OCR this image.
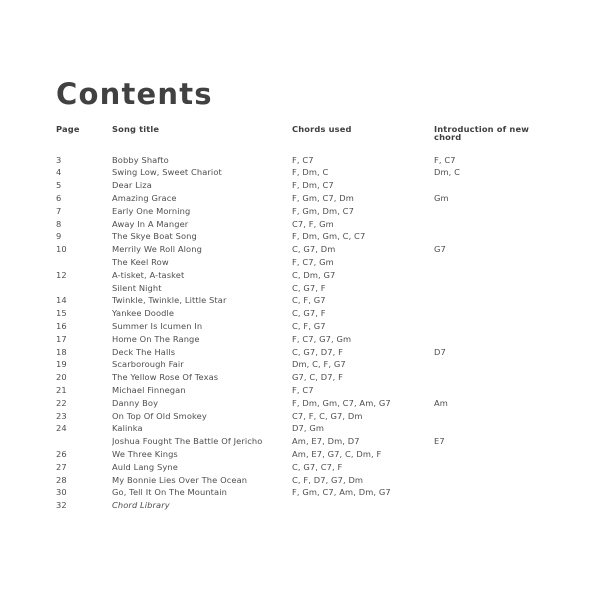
Contents
Page	Song title	Chords used	Introduction of new chord
3	Bobby Shafto	F, C7	F, C7
4	Swing Low, Sweet Chariot	F, Dm, C	Dm, C
5	Dear Liza	F, Dm, C7	
6	Amazing Grace	F, Gm, C7, Dm	Gm
7	Early One Morning	F, Gm, Dm, C7	
8	Away In A Manger	C7, F, Gm	
9	The Skye Boat Song	F, Dm, Gm, C, C7	
10	Merrily We Roll Along	C, G7, Dm	G7
	The Keel Row	F, C7, Gm	
12	A-tisket, A-tasket	C, Dm, G7	
	Silent Night	C, G7, F	
14	Twinkle, Twinkle, Little Star	C, F, G7	
15	Yankee Doodle	C, G7, F	
16	Summer Is Icumen In	C, F, G7	
17	Home On The Range	F, C7, G7, Gm	
18	Deck The Halls	C, G7, D7, F	D7
19	Scarborough Fair	Dm, C, F, G7	
20	The Yellow Rose Of Texas	G7, C, D7, F	
21	Michael Finnegan	F, C7	
22	Danny Boy	F, Dm, Gm, C7, Am, G7	Am
23	On Top Of Old Smokey	C7, F, C, G7, Dm	
24	Kalinka	D7, Gm	
	Joshua Fought The Battle Of Jericho	Am, E7, Dm, D7	E7
26	We Three Kings	Am, E7, G7, C, Dm, F	
27	Auld Lang Syne	C, G7, C7, F	
28	My Bonnie Lies Over The Ocean	C, F, D7, G7, Dm	
30	Go, Tell It On The Mountain	F, Gm, C7, Am, Dm, G7	
32	Chord Library		
